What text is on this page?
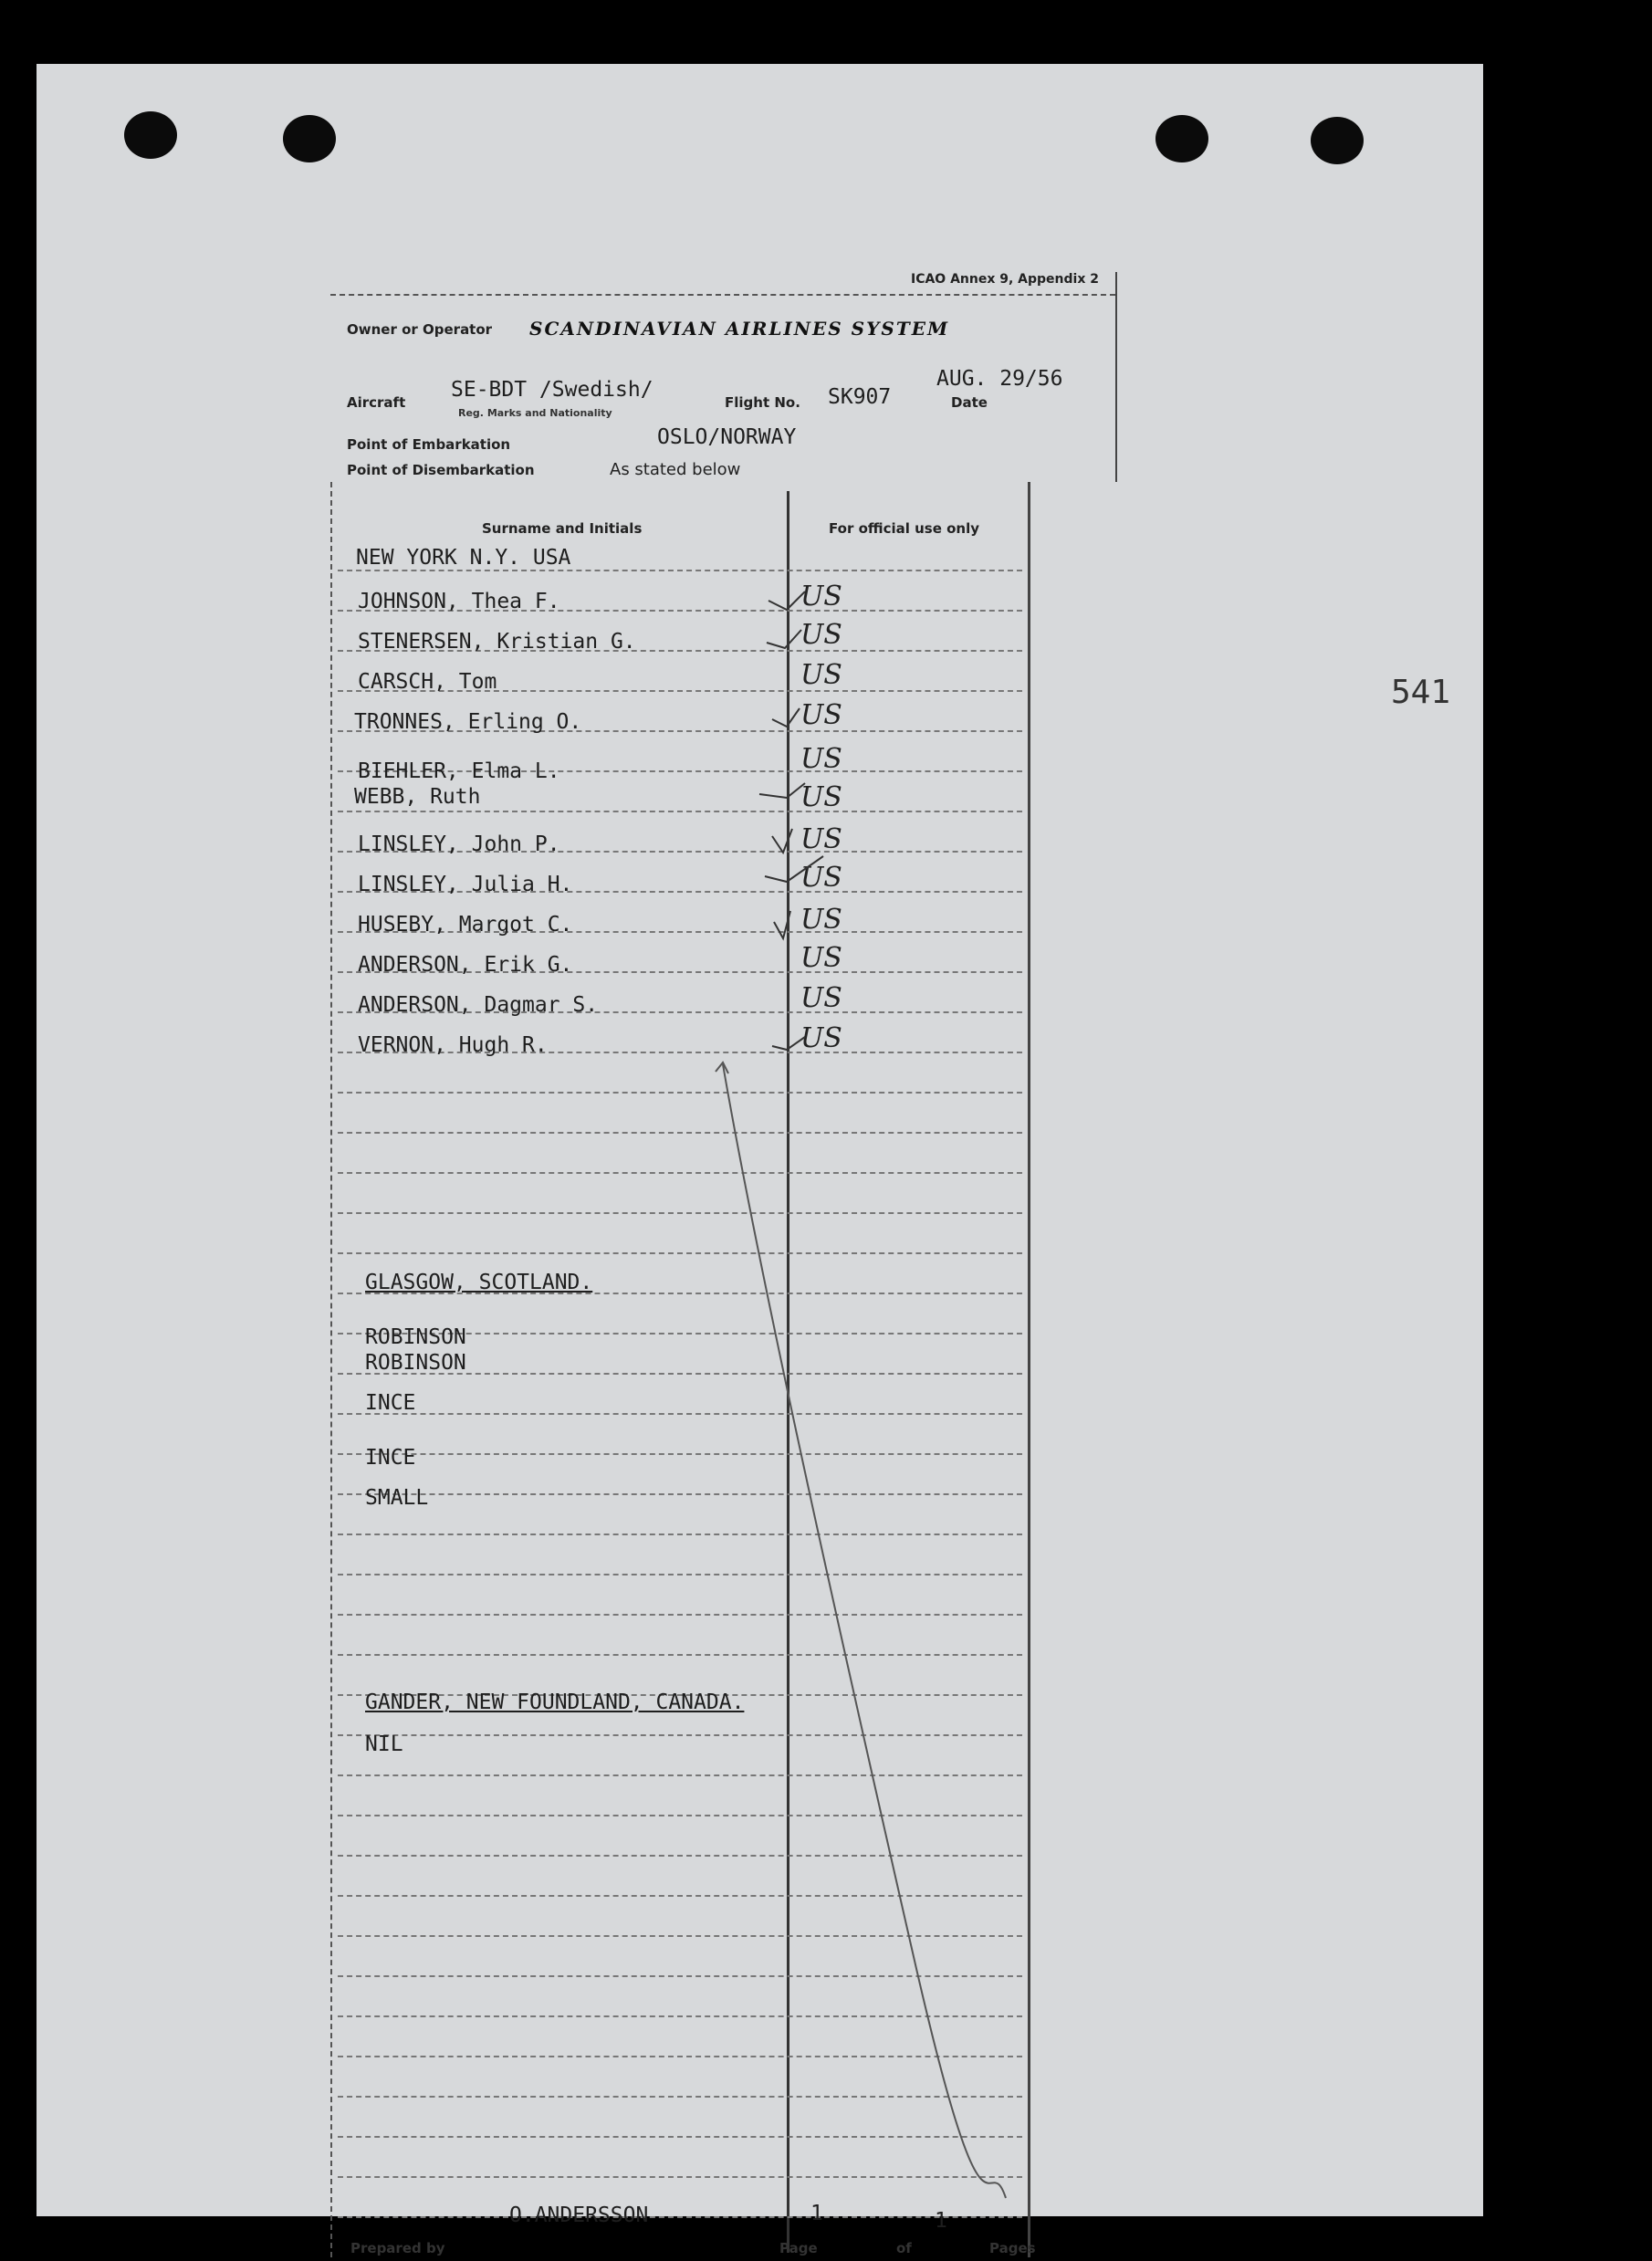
541
ICAO Annex 9, Appendix 2
Owner or Operator SCANDINAVIAN AIRLINES SYSTEM
Aircraft
SE-BDT /Swedish/
Reg. Marks and Nationality
Flight No. SK907
AUG. 29/56
Date
Point of Embarkation	OSLO/NORWAY
Point of Disembarkation	As stated below
Surname and Initials	For official use only
NEW YORK N.Y. USA
JOHNSON, Thea F.	US
STENERSEN, Kristian G.	US
CARSCH, Tom	US
TRONNES, Erling O.	US
BIEHLER, Elma L.	US
WEBB, Ruth	US
LINSLEY, John P.	US
LINSLEY, Julia H.	US
HUSEBY, Margot C.	US
ANDERSON, Erik G.	US
ANDERSON, Dagmar S.	US
VERNON, Hugh R.	US
GLASGOW, SCOTLAND.
ROBINSON
ROBINSON
INCE
INCE
SMALL
GANDER, NEW FOUNDLAND, CANADA.
NIL
O.ANDERSSON	1	1
Prepared by	Page	of	Pages
